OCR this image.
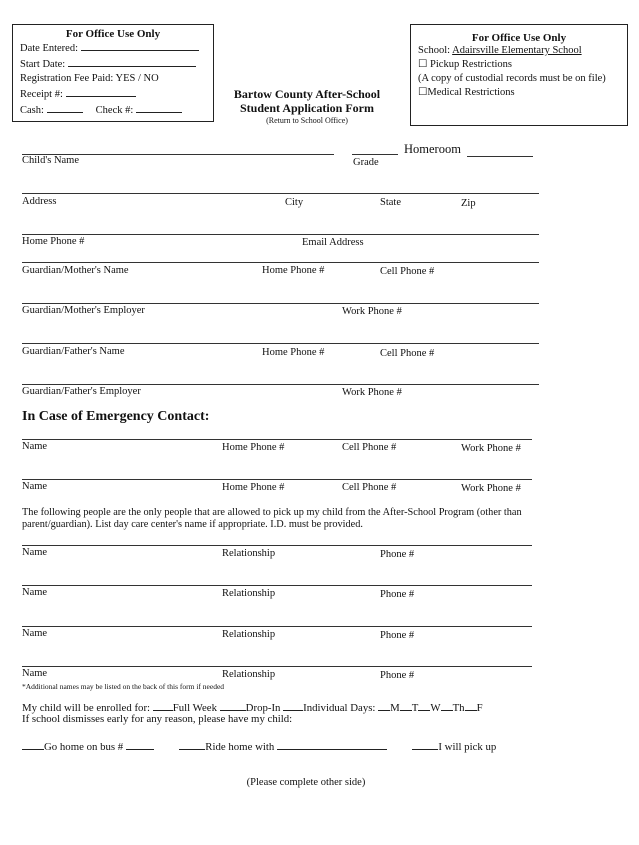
For Office Use Only
Date Entered:
Start Date:
Registration Fee Paid: YES / NO
Receipt #:
Cash:	Check #:
For Office Use Only
School: Adairsville Elementary School
☐ Pickup Restrictions
(A copy of custodial records must be on file)
☐Medical Restrictions
Bartow County After-School
Student Application Form
(Return to School Office)
Child's Name	Grade
Homeroom
Address	City	State	Zip
Home Phone #	Email Address
Guardian/Mother's Name	Home Phone #	Cell Phone #
Guardian/Mother's Employer	Work Phone #
Guardian/Father's Name	Home Phone #	Cell Phone #
Guardian/Father's Employer	Work Phone #
In Case of Emergency Contact:
Name	Home Phone #	Cell Phone #	Work Phone #
Name	Home Phone #	Cell Phone #	Work Phone #
The following people are the only people that are allowed to pick up my child from the After-School Program (other than
parent/guardian). List day care center's name if appropriate. I.D. must be provided.
Name	Relationship	Phone #
Name	Relationship	Phone #
Name	Relationship	Phone #
Name	Relationship	Phone #
*Additional names may be listed on the back of this form if needed
My child will be enrolled for: Full Week	Drop-In Individual Days: M T W Th F
If school dismisses early for any reason, please have my child:
Go home on bus #	Ride home with	I will pick up
(Please complete other side)
